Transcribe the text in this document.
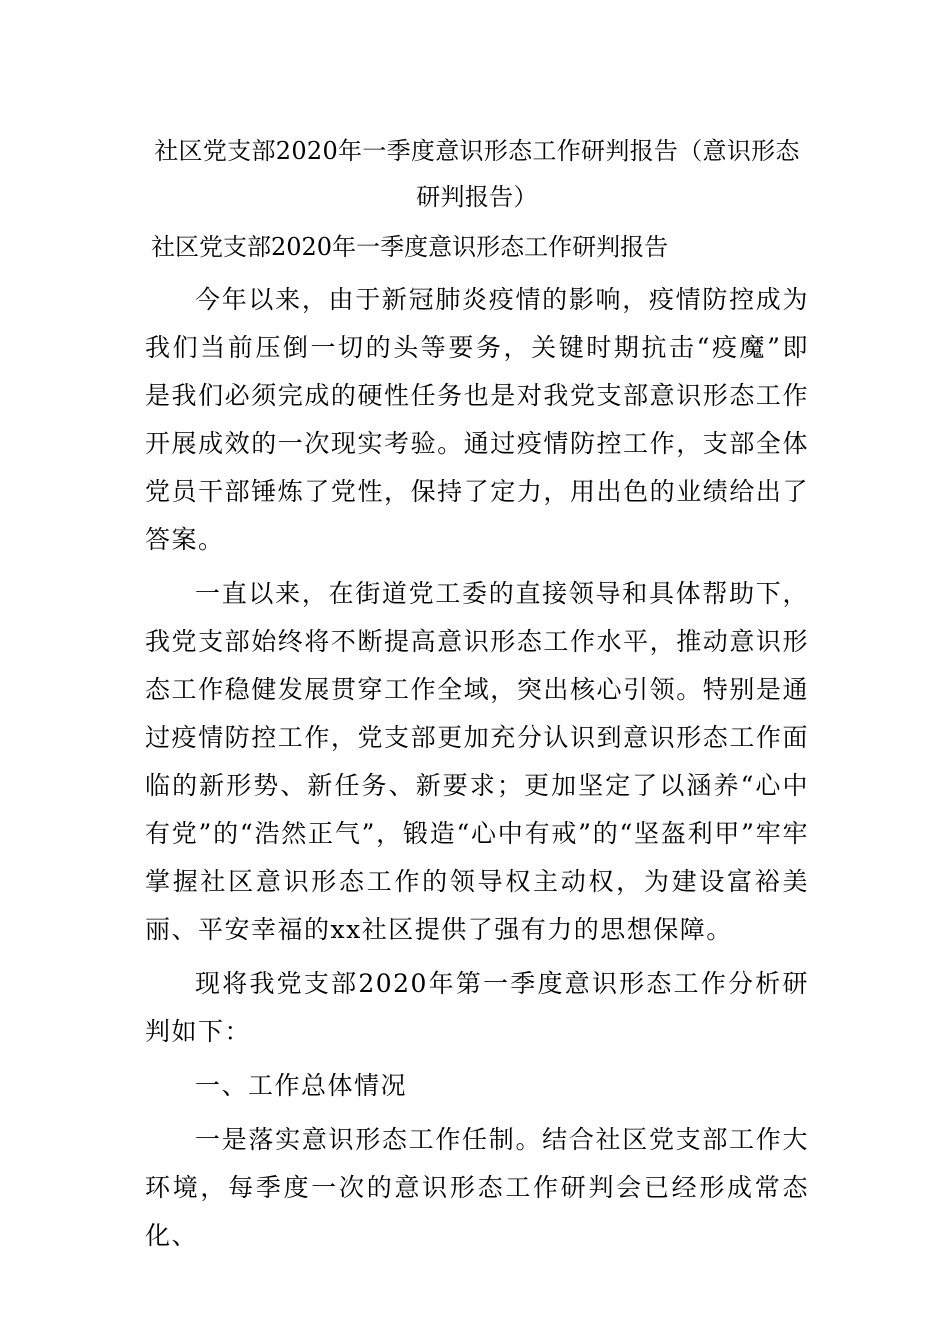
社区党支部2020年一季度意识形态工作研判报告（意识形态研判报告）
社区党支部2020年一季度意识形态工作研判报告

今年以来，由于新冠肺炎疫情的影响，疫情防控成为我们当前压倒一切的头等要务，关键时期抗击“疫魔”即是我们必须完成的硬性任务也是对我党支部意识形态工作开展成效的一次现实考验。通过疫情防控工作，支部全体党员干部锤炼了党性，保持了定力，用出色的业绩给出了答案。

一直以来，在街道党工委的直接领导和具体帮助下，我党支部始终将不断提高意识形态工作水平，推动意识形态工作稳健发展贯穿工作全域，突出核心引领。特别是通过疫情防控工作，党支部更加充分认识到意识形态工作面临的新形势、新任务、新要求；更加坚定了以涵养“心中有党”的“浩然正气”，锻造“心中有戒”的“坚盔利甲”牢牢掌握社区意识形态工作的领导权主动权，为建设富裕美丽、平安幸福的xx社区提供了强有力的思想保障。

现将我党支部2020年第一季度意识形态工作分析研判如下：

一、工作总体情况

一是落实意识形态工作任制。结合社区党支部工作大环境，每季度一次的意识形态工作研判会已经形成常态化、
